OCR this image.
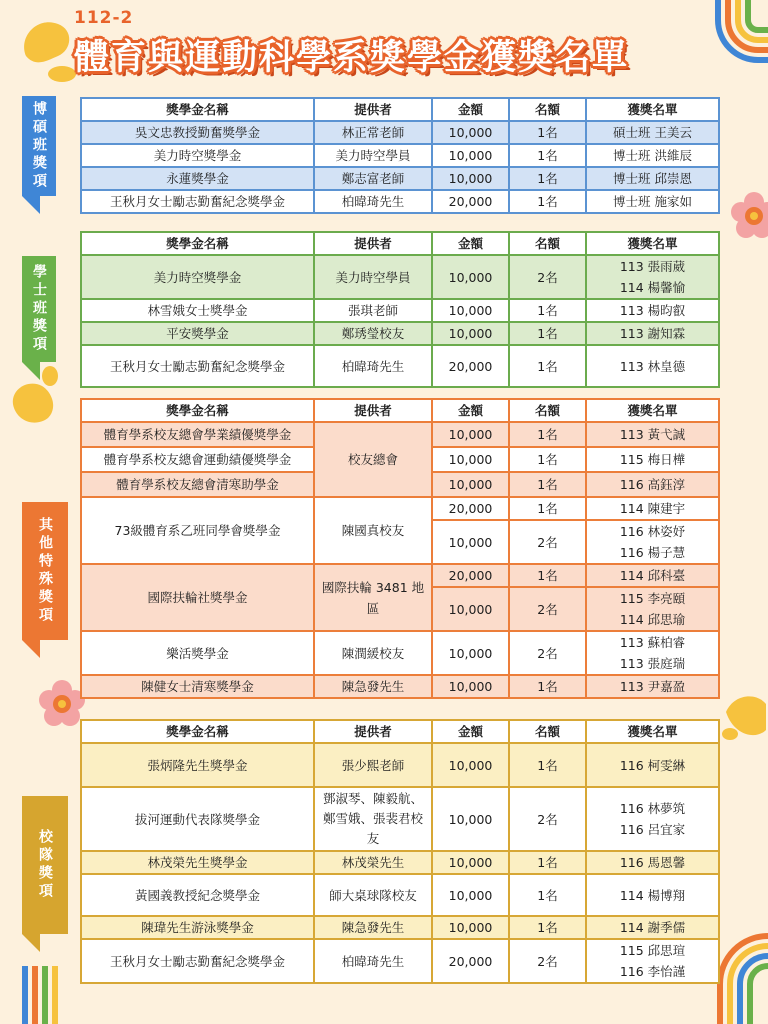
112-2
體育與運動科學系獎學金獲獎名單
博碩班獎項
學士班獎項
其他特殊獎項
校隊獎項
獎學金名稱	提供者	金額	名額	獲獎名單
吳文忠教授勤奮獎學金	林正常老師	10,000	1名	碩士班 王美云
美力時空獎學金	美力時空學員	10,000	1名	博士班 洪維辰
永蓮獎學金	鄭志富老師	10,000	1名	博士班 邱崇恩
王秋月女士勵志勤奮紀念獎學金	柏暐琦先生	20,000	1名	博士班 施家如
獎學金名稱	提供者	金額	名額	獲獎名單
美力時空獎學金	美力時空學員	10,000	2名	113 張雨葳
114 楊馨愉

林雪娥女士獎學金	張琪老師	10,000	1名	113 楊昀叡
平安獎學金	鄭琇瑩校友	10,000	1名	113 謝知霖
王秋月女士勵志勤奮紀念獎學金	柏暐琦先生	20,000	1名	113 林皇德
獎學金名稱	提供者	金額	名額	獲獎名單
體育學系校友總會學業績優獎學金	校友總會	10,000	1名	113 黃弋誠
體育學系校友總會運動績優獎學金		10,000	1名	115 梅日樺
體育學系校友總會清寒助學金		10,000	1名	116 高鈺淳
73級體育系乙班同學會獎學金	陳國真校友	20,000	1名	114 陳建宇
		10,000	2名	116 林姿妤
116 楊子慧

國際扶輪社獎學金	國際扶輪 3481 地區	20,000	1名	114 邱科臺
		10,000	2名	115 李亮頤
114 邱思瑜

樂活獎學金	陳潤緩校友	10,000	2名	113 蘇柏睿
113 張庭瑞

陳健女士清寒獎學金	陳急發先生	10,000	1名	113 尹嘉盈
獎學金名稱	提供者	金額	名額	獲獎名單
張炳隆先生獎學金	張少熙老師	10,000	1名	116 柯雯綝
拔河運動代表隊獎學金	鄧淑琴、陳毅航、鄭雪娥、張裴君校友	10,000	2名	116 林夢筑
116 呂宜家

林茂榮先生獎學金	林茂榮先生	10,000	1名	116 馬恩馨
黃國義教授紀念獎學金	師大桌球隊校友	10,000	1名	114 楊博翔
陳瑋先生游泳獎學金	陳急發先生	10,000	1名	114 謝季儒
王秋月女士勵志勤奮紀念獎學金	柏暐琦先生	20,000	2名	115 邱思瑄
116 李怡謹
